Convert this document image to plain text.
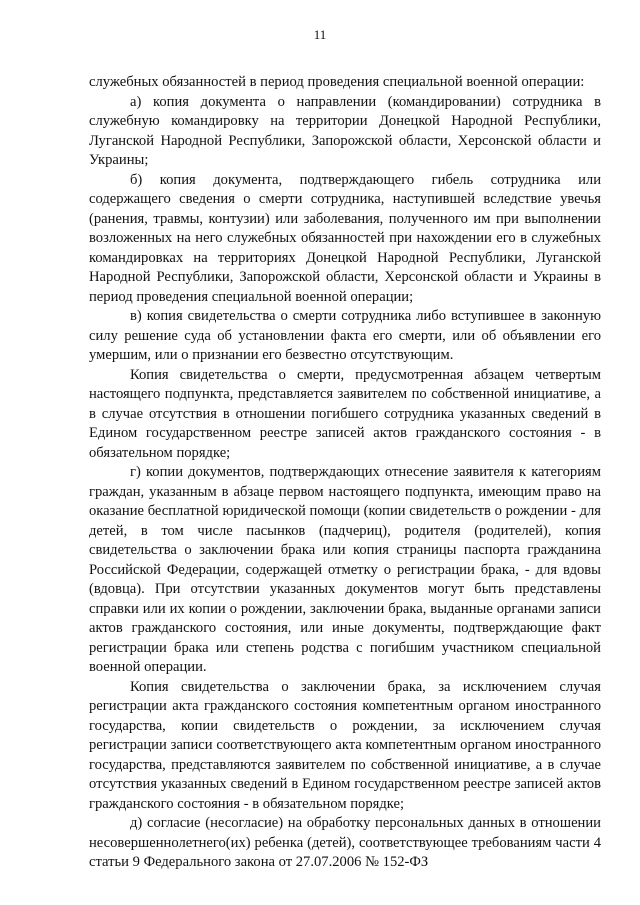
11

служебных обязанностей в период проведения специальной военной операции:

а) копия документа о направлении (командировании) сотрудника в служебную командировку на территории Донецкой Народной Республики, Луганской Народной Республики, Запорожской области, Херсонской области и Украины;

б) копия документа, подтверждающего гибель сотрудника или содержащего сведения о смерти сотрудника, наступившей вследствие увечья (ранения, травмы, контузии) или заболевания, полученного им при выполнении возложенных на него служебных обязанностей при нахождении его в служебных командировках на территориях Донецкой Народной Республики, Луганской Народной Республики, Запорожской области, Херсонской области и Украины в период проведения специальной военной операции;

в) копия свидетельства о смерти сотрудника либо вступившее в законную силу решение суда об установлении факта его смерти, или об объявлении его умершим, или о признании его безвестно отсутствующим.

Копия свидетельства о смерти, предусмотренная абзацем четвертым настоящего подпункта, представляется заявителем по собственной инициативе, а в случае отсутствия в отношении погибшего сотрудника указанных сведений в Едином государственном реестре записей актов гражданского состояния - в обязательном порядке;

г) копии документов, подтверждающих отнесение заявителя к категориям граждан, указанным в абзаце первом настоящего подпункта, имеющим право на оказание бесплатной юридической помощи (копии свидетельств о рождении - для детей, в том числе пасынков (падчериц), родителя (родителей), копия свидетельства о заключении брака или копия страницы паспорта гражданина Российской Федерации, содержащей отметку о регистрации брака, - для вдовы (вдовца). При отсутствии указанных документов могут быть представлены справки или их копии о рождении, заключении брака, выданные органами записи актов гражданского состояния, или иные документы, подтверждающие факт регистрации брака или степень родства с погибшим участником специальной военной операции.

Копия свидетельства о заключении брака, за исключением случая регистрации акта гражданского состояния компетентным органом иностранного государства, копии свидетельств о рождении, за исключением случая регистрации записи соответствующего акта компетентным органом иностранного государства, представляются заявителем по собственной инициативе, а в случае отсутствия указанных сведений в Едином государственном реестре записей актов гражданского состояния - в обязательном порядке;

д) согласие (несогласие) на обработку персональных данных в отношении несовершеннолетнего(их) ребенка (детей), соответствующее требованиям части 4 статьи 9 Федерального закона от 27.07.2006 № 152-ФЗ
